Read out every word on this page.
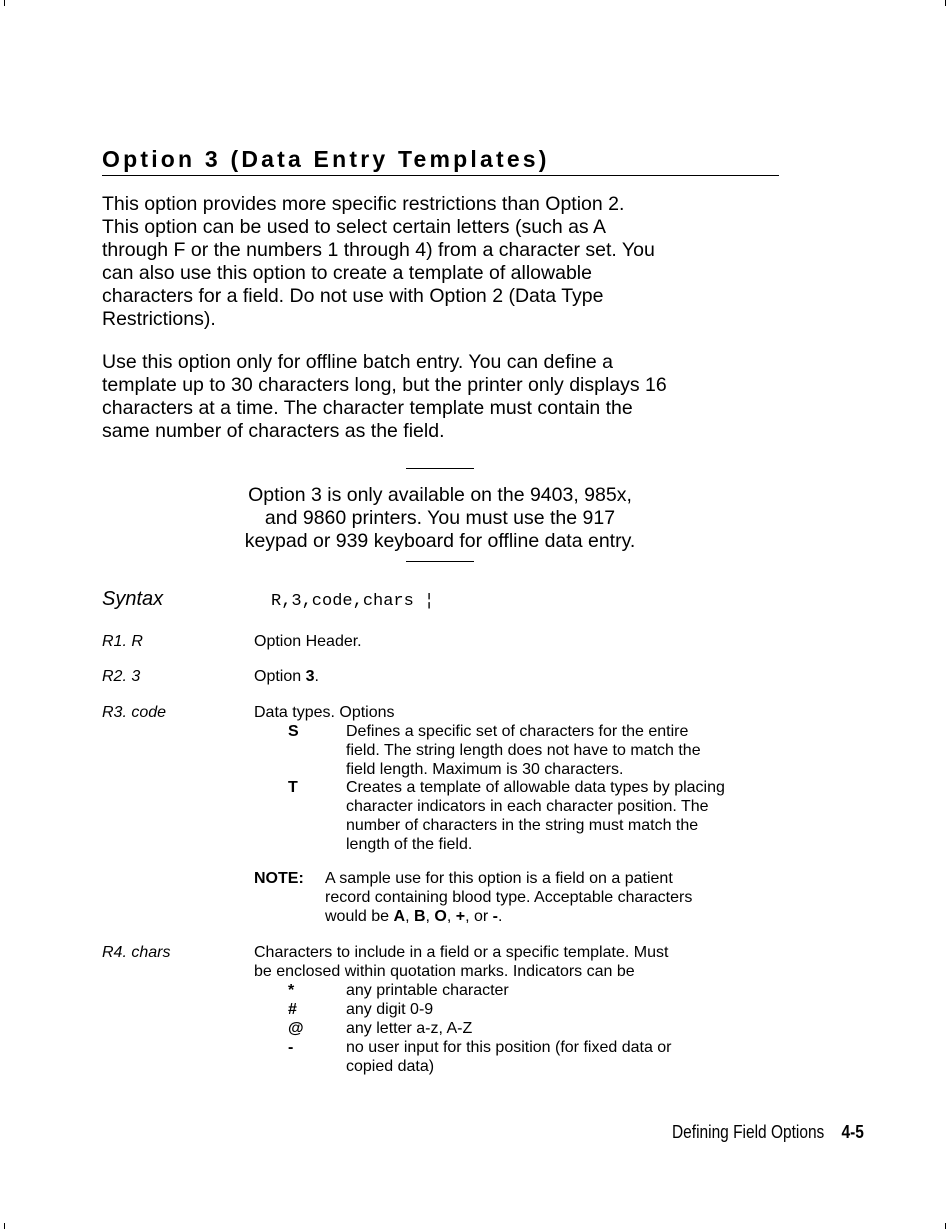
Option 3 (Data Entry Templates)
This option provides more specific restrictions than Option 2.
This option can be used to select certain letters (such as A
through F or the numbers 1 through 4) from a character set. You
can also use this option to create a template of allowable
characters for a field. Do not use with Option 2 (Data Type
Restrictions).
Use this option only for offline batch entry. You can define a
template up to 30 characters long, but the printer only displays 16
characters at a time. The character template must contain the
same number of characters as the field.
Option 3 is only available on the 9403, 985x,
and 9860 printers. You must use the 917
keypad or 939 keyboard for offline data entry.
Syntax	R,3,code,chars ¦
R1. R	Option Header.
R2. 3	Option 3.
R3. code	Data types. Options
S	Defines a specific set of characters for the entire
field. The string length does not have to match the
field length. Maximum is 30 characters.
T	Creates a template of allowable data types by placing
character indicators in each character position. The
number of characters in the string must match the
length of the field.
NOTE: A sample use for this option is a field on a patient
record containing blood type. Acceptable characters
would be A, B, O, +, or -.
R4. chars	Characters to include in a field or a specific template. Must
be enclosed within quotation marks. Indicators can be
*	any printable character
#	any digit 0-9
@	any letter a-z, A-Z
-	no user input for this position (for fixed data or
copied data)
Defining Field Options 4-5
